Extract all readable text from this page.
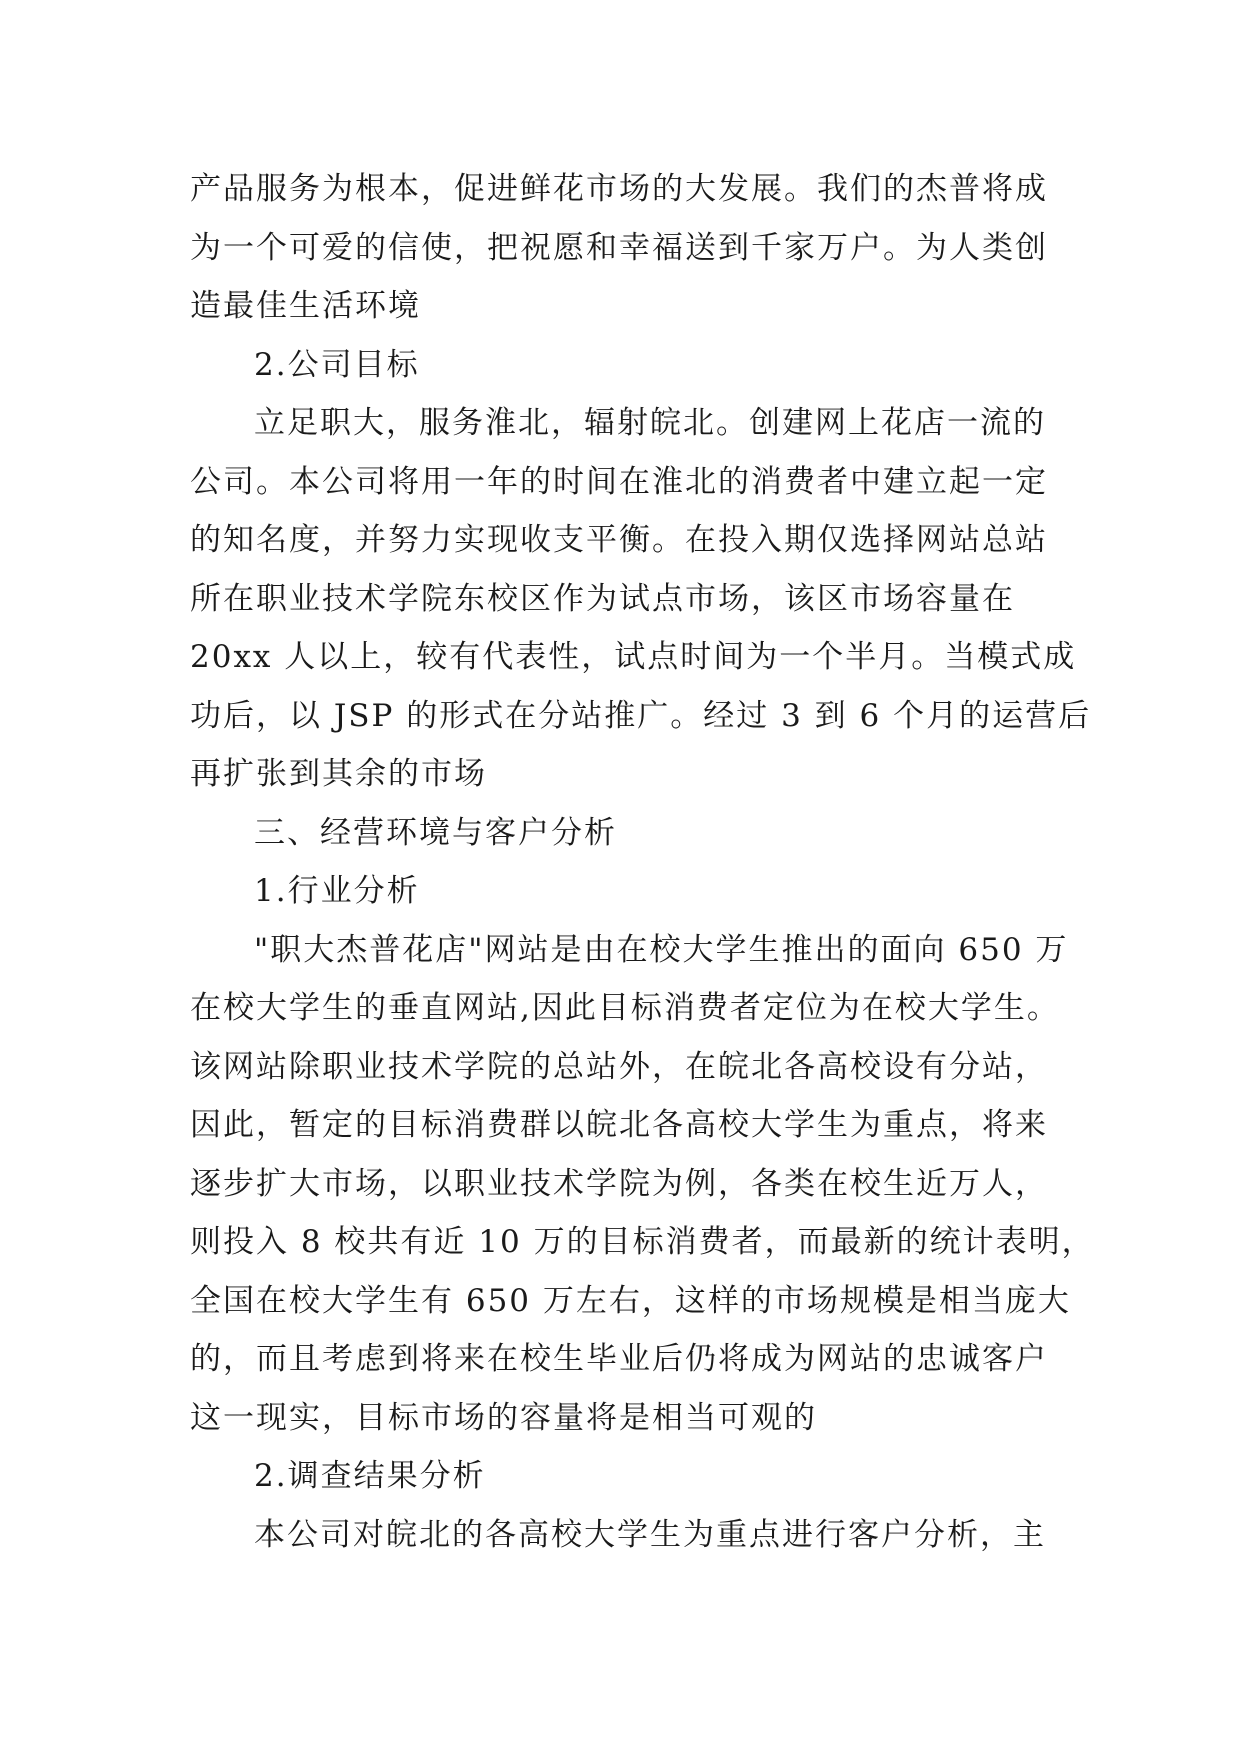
产品服务为根本，促进鲜花市场的大发展。我们的杰普将成
为一个可爱的信使，把祝愿和幸福送到千家万户。为人类创
造最佳生活环境
2.公司目标
立足职大，服务淮北，辐射皖北。创建网上花店一流的
公司。本公司将用一年的时间在淮北的消费者中建立起一定
的知名度，并努力实现收支平衡。在投入期仅选择网站总站
所在职业技术学院东校区作为试点市场，该区市场容量在
20xx 人以上，较有代表性，试点时间为一个半月。当模式成
功后，以 JSP 的形式在分站推广。经过 3 到 6 个月的运营后
再扩张到其余的市场
三、经营环境与客户分析
1.行业分析
"职大杰普花店"网站是由在校大学生推出的面向 650 万
在校大学生的垂直网站,因此目标消费者定位为在校大学生。
该网站除职业技术学院的总站外，在皖北各高校设有分站，
因此，暂定的目标消费群以皖北各高校大学生为重点，将来
逐步扩大市场，以职业技术学院为例，各类在校生近万人，
则投入 8 校共有近 10 万的目标消费者，而最新的统计表明，
全国在校大学生有 650 万左右，这样的市场规模是相当庞大
的，而且考虑到将来在校生毕业后仍将成为网站的忠诚客户
这一现实，目标市场的容量将是相当可观的
2.调查结果分析
本公司对皖北的各高校大学生为重点进行客户分析，主
